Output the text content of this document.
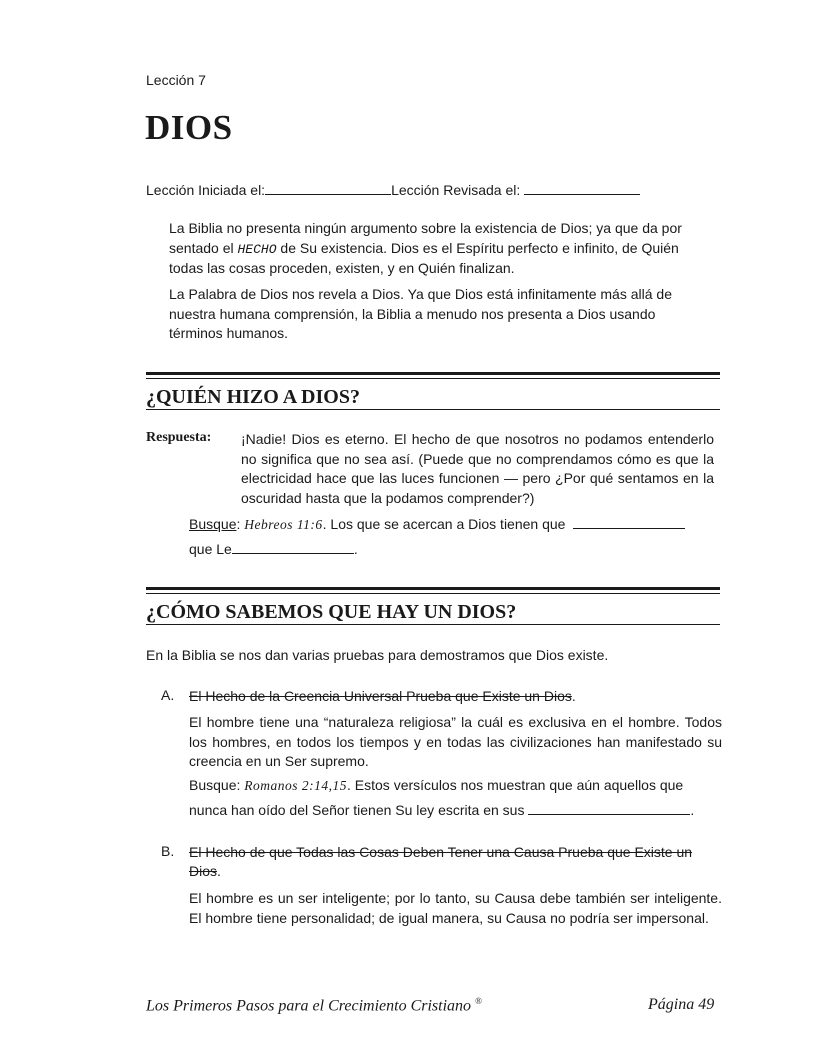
Lección 7
DIOS
Lección Iniciada el:	Lección Revisada el:
La Biblia no presenta ningún argumento sobre la existencia de Dios; ya que da por sentado el HECHO de Su existencia. Dios es el Espíritu perfecto e infinito, de Quién todas las cosas proceden, existen, y en Quién finalizan.
La Palabra de Dios nos revela a Dios. Ya que Dios está infinitamente más allá de nuestra humana comprensión, la Biblia a menudo nos presenta a Dios usando términos humanos.
¿QUIÉN HIZO A DIOS?
Respuesta: ¡Nadie! Dios es eterno. El hecho de que nosotros no podamos entenderlo no significa que no sea así. (Puede que no comprendamos cómo es que la electricidad hace que las luces funcionen — pero ¿Por qué sentamos en la oscuridad hasta que la podamos comprender?)
Busque: Hebreos 11:6. Los que se acercan a Dios tienen que
que Le	.
¿CÓMO SABEMOS QUE HAY UN DIOS?
En la Biblia se nos dan varias pruebas para demostramos que Dios existe.
A. El Hecho de la Creencia Universal Prueba que Existe un Dios.
El hombre tiene una “naturaleza religiosa” la cuál es exclusiva en el hombre. Todos los hombres, en todos los tiempos y en todas las civilizaciones han manifestado su creencia en un Ser supremo.
Busque: Romanos 2:14,15. Estos versículos nos muestran que aún aquellos que
nunca han oído del Señor tienen Su ley escrita en sus	.
B. El Hecho de que Todas las Cosas Deben Tener una Causa Prueba que Existe un Dios.
El hombre es un ser inteligente; por lo tanto, su Causa debe también ser inteligente. El hombre tiene personalidad; de igual manera, su Causa no podría ser impersonal.
Los Primeros Pasos para el Crecimiento Cristiano ®	Página 49
